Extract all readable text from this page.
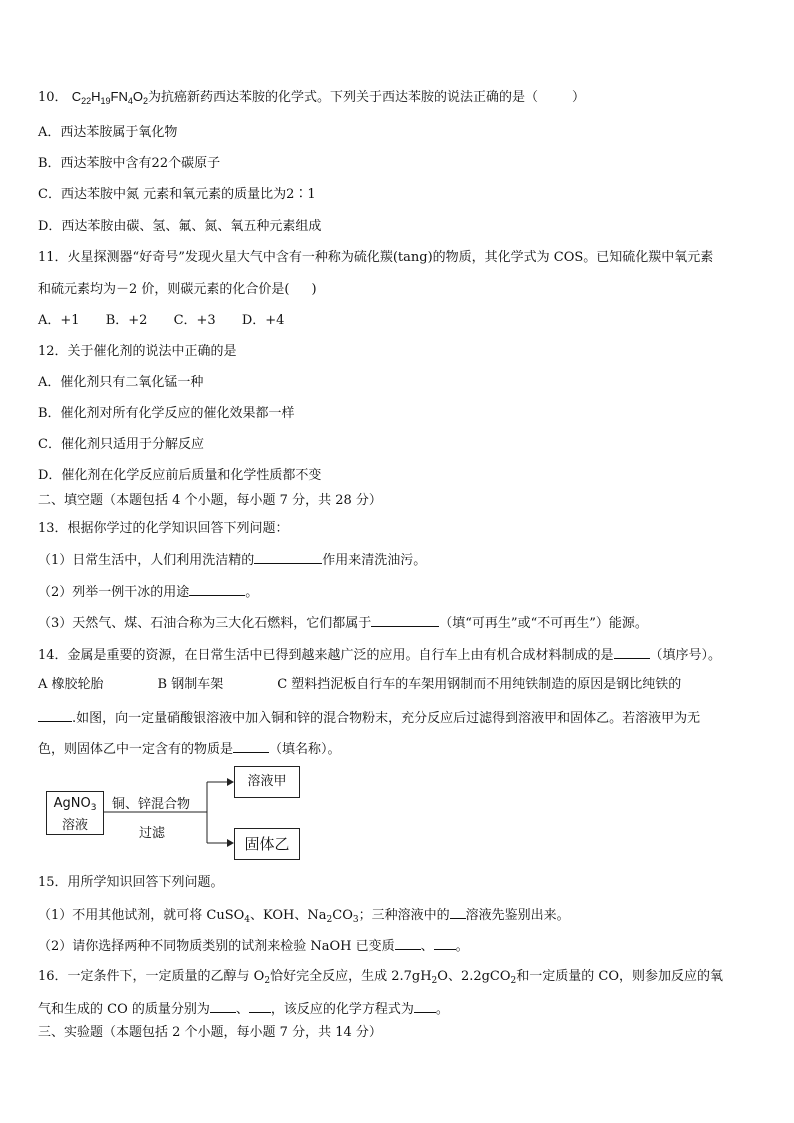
10． $C_{22}H_{19}FN_4O_2$为抗癌新药西达苯胺的化学式。下列关于西达苯胺的说法正确的是（	）
A．西达苯胺属于氧化物
B．西达苯胺中含有22个碳原子
C．西达苯胺中氮 元素和氧元素的质量比为2∶1
D．西达苯胺由碳、氢、氟、氮、氧五种元素组成
11．火星探测器“好奇号”发现火星大气中含有一种称为硫化羰(tang)的物质，其化学式为 COS。已知硫化羰中氧元素
和硫元素均为－2 价，则碳元素的化合价是( )
A．+1 B．+2 C．+3 D．+4
12．关于催化剂的说法中正确的是
A．催化剂只有二氧化锰一种
B．催化剂对所有化学反应的催化效果都一样
C．催化剂只适用于分解反应
D．催化剂在化学反应前后质量和化学性质都不变
二、填空题（本题包括 4 个小题，每小题 7 分，共 28 分）
13．根据你学过的化学知识回答下列问题：
（1）日常生活中，人们利用洗洁精的	作用来清洗油污。
（2）列举一例干冰的用途	。
（3）天然气、煤、石油合称为三大化石燃料，它们都属于	（填“可再生”或“不可再生”）能源。
14．金属是重要的资源，在日常生活中已得到越来越广泛的应用。自行车上由有机合成材料制成的是	（填序号）。
A 橡胶轮胎	B 钢制车架	C 塑料挡泥板自行车的车架用钢制而不用纯铁制造的原因是钢比纯铁的
.如图，向一定量硝酸银溶液中加入铜和锌的混合物粉末，充分反应后过滤得到溶液甲和固体乙。若溶液甲为无
色，则固体乙中一定含有的物质是	（填名称）。
AgNO$_3$
溶液
铜、锌混合物
过滤
溶液甲
固体乙
15．用所学知识回答下列问题。
（1）不用其他试剂，就可将 CuSO$_4$、KOH、$Na_2CO_3$；三种溶液中的 溶液先鉴别出来。
（2）请你选择两种不同物质类别的试剂来检验 NaOH 已变质 、 。
16．一定条件下，一定质量的乙醇与 $O_2$恰好完全反应，生成 $2.7gH_2O$、2.2gCO$_2$和一定质量的 CO，则参加反应的氧
气和生成的 CO 的质量分别为 、 ，该反应的化学方程式为 。
三、实验题（本题包括 2 个小题，每小题 7 分，共 14 分）
